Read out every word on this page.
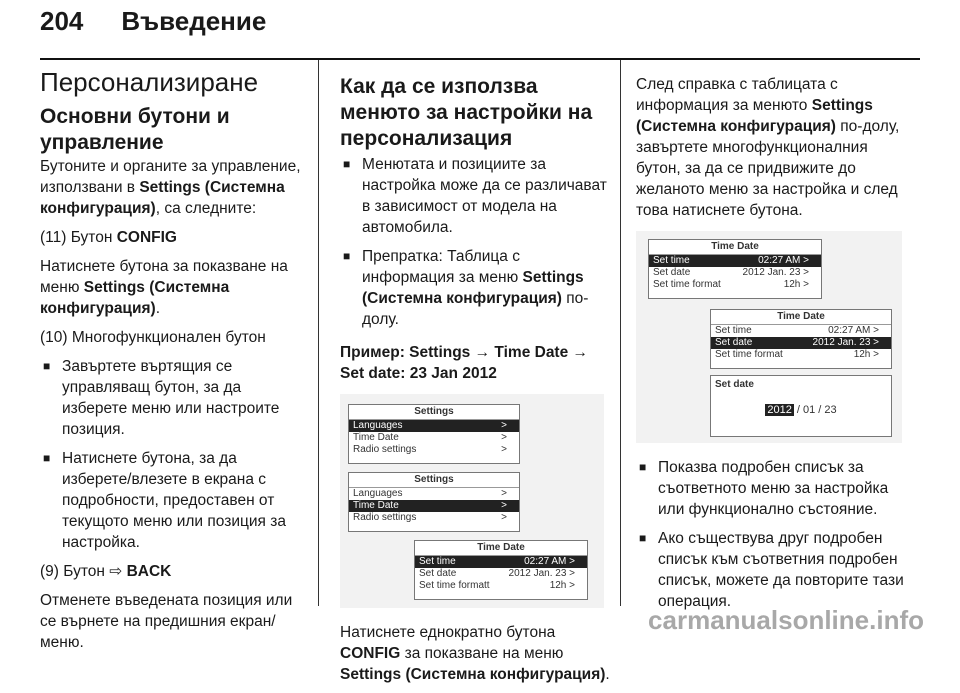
204 Въведение
Персонализиране
Основни бутони и управление

Бутоните и органите за управление, използвани в Settings (Системна конфигурация), са следните:

(11) Бутон CONFIG

Натиснете бутона за показване на меню Settings (Системна конфигурация).

(10) Многофункционален бутон

■ Завъртете въртящия се управляващ бутон, за да изберете меню или настроите позиция.
■ Натиснете бутона, за да изберете/влезете в екрана с подробности, предоставен от текущото меню или позиция за настройка.

(9) Бутон ⇨ BACK

Отменете въведената позиция или се върнете на предишния екран/меню.

Как да се използва менюто за настройки на персонализация
■ Менютата и позициите за настройка може да се различават в зависимост от модела на автомобила.
■ Препратка: Таблица с информация за меню Settings (Системна конфигурация) по-долу.

Пример: Settings → Time Date → Set date: 23 Jan 2012

Settings
Languages	>
Time Date	>
Radio settings	>
Settings
Languages	>
Time Date	>
Radio settings	>
Time Date
Set time	02:27 AM >
Set date	2012 Jan. 23 >
Set time formatt	12h >

Натиснете еднократно бутона CONFIG за показване на меню Settings (Системна конфигурация).

След справка с таблицата с информация за менюто Settings (Системна конфигурация) по-долу, завъртете многофункционалния бутон, за да се придвижите до желаното меню за настройка и след това натиснете бутона.

Time Date
Set time	02:27 AM >
Set date	2012 Jan. 23 >
Set time format	12h >
Time Date
Set time	02:27 AM >
Set date	2012 Jan. 23 >
Set time format	12h >
Set date
2012 / 01 / 23
■ Показва подробен списък за съответното меню за настройка или функционално състояние.
■ Ако съществува друг подробен списък към съответния подробен списък, можете да повторите тази операция.
carmanualsonline.info
